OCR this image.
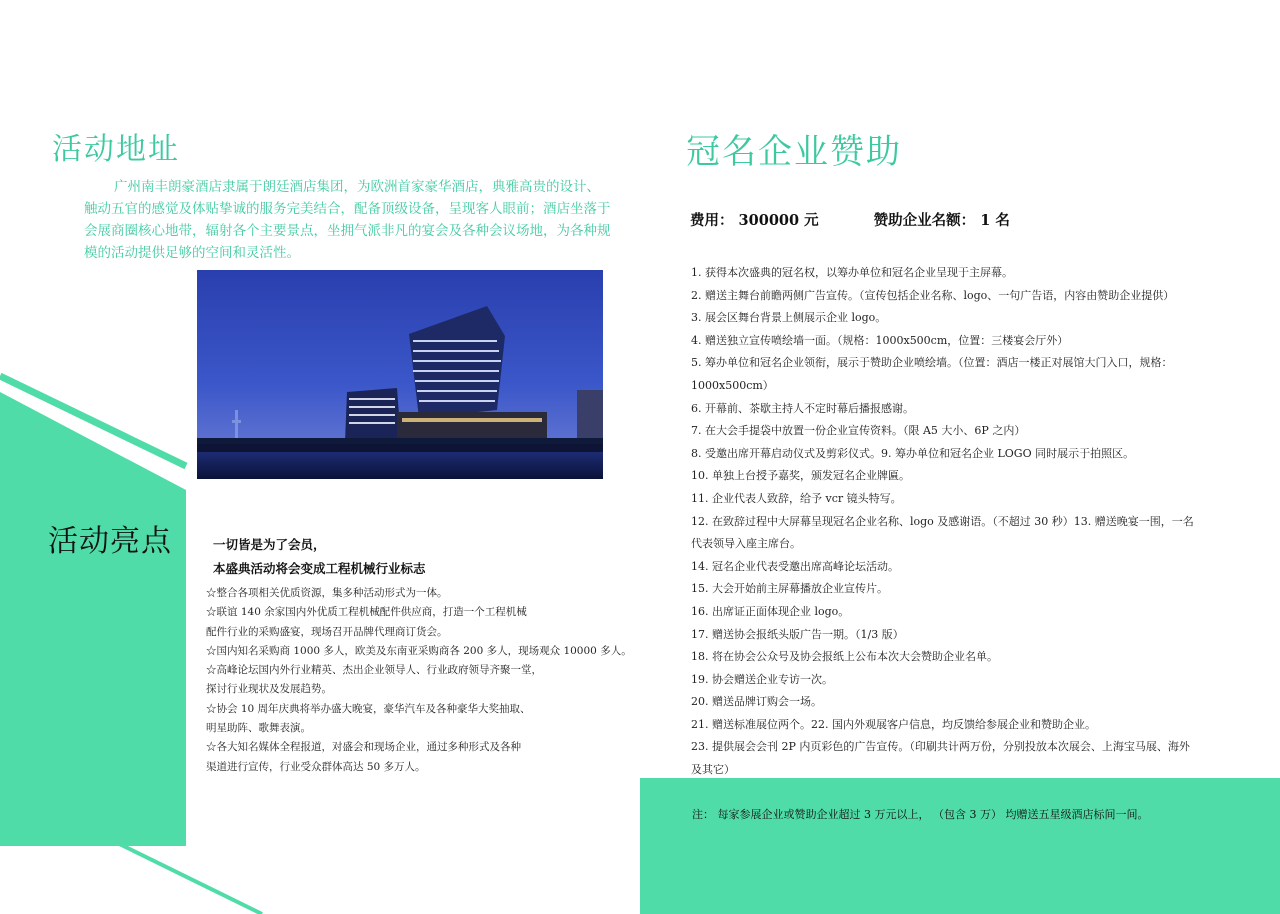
活动地址
广州南丰朗豪酒店隶属于朗廷酒店集团，为欧洲首家豪华酒店，典雅高贵的设计、触动五官的感觉及体贴挚诚的服务完美结合，配备顶级设备，呈现客人眼前；酒店坐落于会展商圈核心地带，辐射各个主要景点，坐拥气派非凡的宴会及各种会议场地，为各种规模的活动提供足够的空间和灵活性。
活动亮点	一切皆是为了会员，
本盛典活动将会变成工程机械行业标志
☆整合各项相关优质资源，集多种活动形式为一体。
☆联谊 140 余家国内外优质工程机械配件供应商，打造一个工程机械
配件行业的采购盛宴，现场召开品牌代理商订货会。
☆国内知名采购商 1000 多人，欧美及东南亚采购商各 200 多人，现场观众 10000 多人。
☆高峰论坛国内外行业精英、杰出企业领导人、行业政府领导齐聚一堂，
探讨行业现状及发展趋势。
☆协会 10 周年庆典将举办盛大晚宴，豪华汽车及各种豪华大奖抽取、
明星助阵、歌舞表演。
☆各大知名媒体全程报道，对盛会和现场企业，通过多种形式及各种
渠道进行宣传，行业受众群体高达 50 多万人。
冠名企业赞助
费用： 300000 元	赞助企业名额： 1 名
1. 获得本次盛典的冠名权，以筹办单位和冠名企业呈现于主屏幕。
2. 赠送主舞台前瞻两侧广告宣传。（宣传包括企业名称、logo、一句广告语，内容由赞助企业提供）
3. 展会区舞台背景上侧展示企业 logo。
4. 赠送独立宣传喷绘墙一面。（规格：1000x500cm，位置：三楼宴会厅外）
5. 筹办单位和冠名企业领衔，展示于赞助企业喷绘墙。（位置：酒店一楼正对展馆大门入口，规格：
1000x500cm）
6. 开幕前、茶歇主持人不定时幕后播报感谢。
7. 在大会手提袋中放置一份企业宣传资料。（限 A5 大小、6P 之内）
8. 受邀出席开幕启动仪式及剪彩仪式。9. 筹办单位和冠名企业 LOGO 同时展示于拍照区。
10. 单独上台授予嘉奖，颁发冠名企业牌匾。
11. 企业代表人致辞，给予 vcr 镜头特写。
12. 在致辞过程中大屏幕呈现冠名企业名称、logo 及感谢语。（不超过 30 秒）13. 赠送晚宴一围，一名
代表领导入座主席台。
14. 冠名企业代表受邀出席高峰论坛活动。
15. 大会开始前主屏幕播放企业宣传片。
16. 出席证正面体现企业 logo。
17. 赠送协会报纸头版广告一期。（1/3 版）
18. 将在协会公众号及协会报纸上公布本次大会赞助企业名单。
19. 协会赠送企业专访一次。
20. 赠送品牌订购会一场。
21. 赠送标准展位两个。22. 国内外观展客户信息，均反馈给参展企业和赞助企业。
23. 提供展会会刊 2P 内页彩色的广告宣传。（印刷共计两万份，分别投放本次展会、上海宝马展、海外
及其它）
注： 每家参展企业或赞助企业超过 3 万元以上， （包含 3 万） 均赠送五星级酒店标间一间。
